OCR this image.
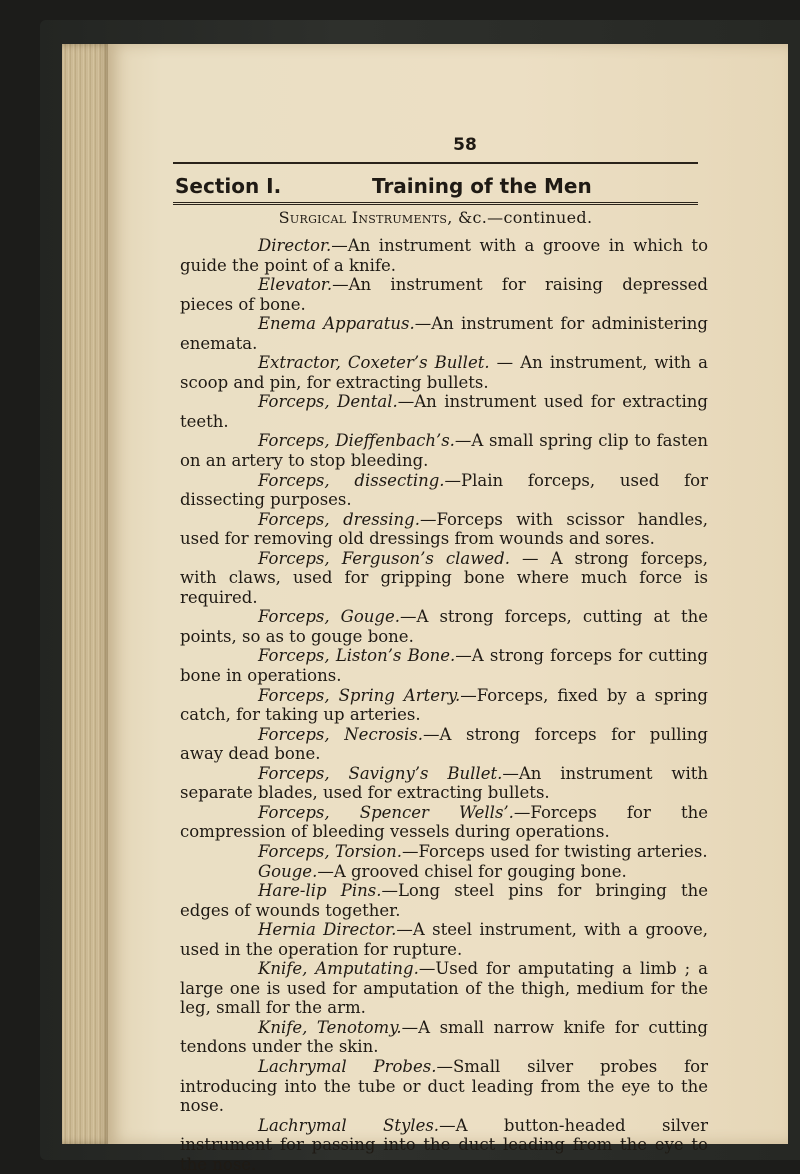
58
Section I.	Training of the Men
Surgical Instruments, &c.—continued.

Director.—An instrument with a groove in which to guide the point of a knife.

Elevator.—An instrument for raising depressed pieces of bone.

Enema Apparatus.—An instrument for administering enemata.

Extractor, Coxeter’s Bullet. — An instrument, with a scoop and pin, for extracting bullets.

Forceps, Dental.—An instrument used for extracting teeth.

Forceps, Dieffenbach’s.—A small spring clip to fasten on an artery to stop bleeding.

Forceps, dissecting.—Plain forceps, used for dissecting purposes.

Forceps, dressing.—Forceps with scissor handles, used for removing old dressings from wounds and sores.

Forceps, Ferguson’s clawed. — A strong forceps, with claws, used for gripping bone where much force is required.

Forceps, Gouge.—A strong forceps, cutting at the points, so as to gouge bone.

Forceps, Liston’s Bone.—A strong forceps for cutting bone in operations.

Forceps, Spring Artery.—Forceps, fixed by a spring catch, for taking up arteries.

Forceps, Necrosis.—A strong forceps for pulling away dead bone.

Forceps, Savigny’s Bullet.—An instrument with separate blades, used for extracting bullets.

Forceps, Spencer Wells’.—Forceps for the compression of bleeding vessels during operations.

Forceps, Torsion.—Forceps used for twisting arteries.

Gouge.—A grooved chisel for gouging bone.

Hare-lip Pins.—Long steel pins for bringing the edges of wounds together.

Hernia Director.—A steel instrument, with a groove, used in the operation for rupture.

Knife, Amputating.—Used for amputating a limb ; a large one is used for amputation of the thigh, medium for the leg, small for the arm.

Knife, Tenotomy.—A small narrow knife for cutting tendons under the skin.

Lachrymal Probes.—Small silver probes for introducing into the tube or duct leading from the eye to the nose.

Lachrymal Styles.—A button-headed silver instrument for passing into the duct leading from the eye to the nose.
